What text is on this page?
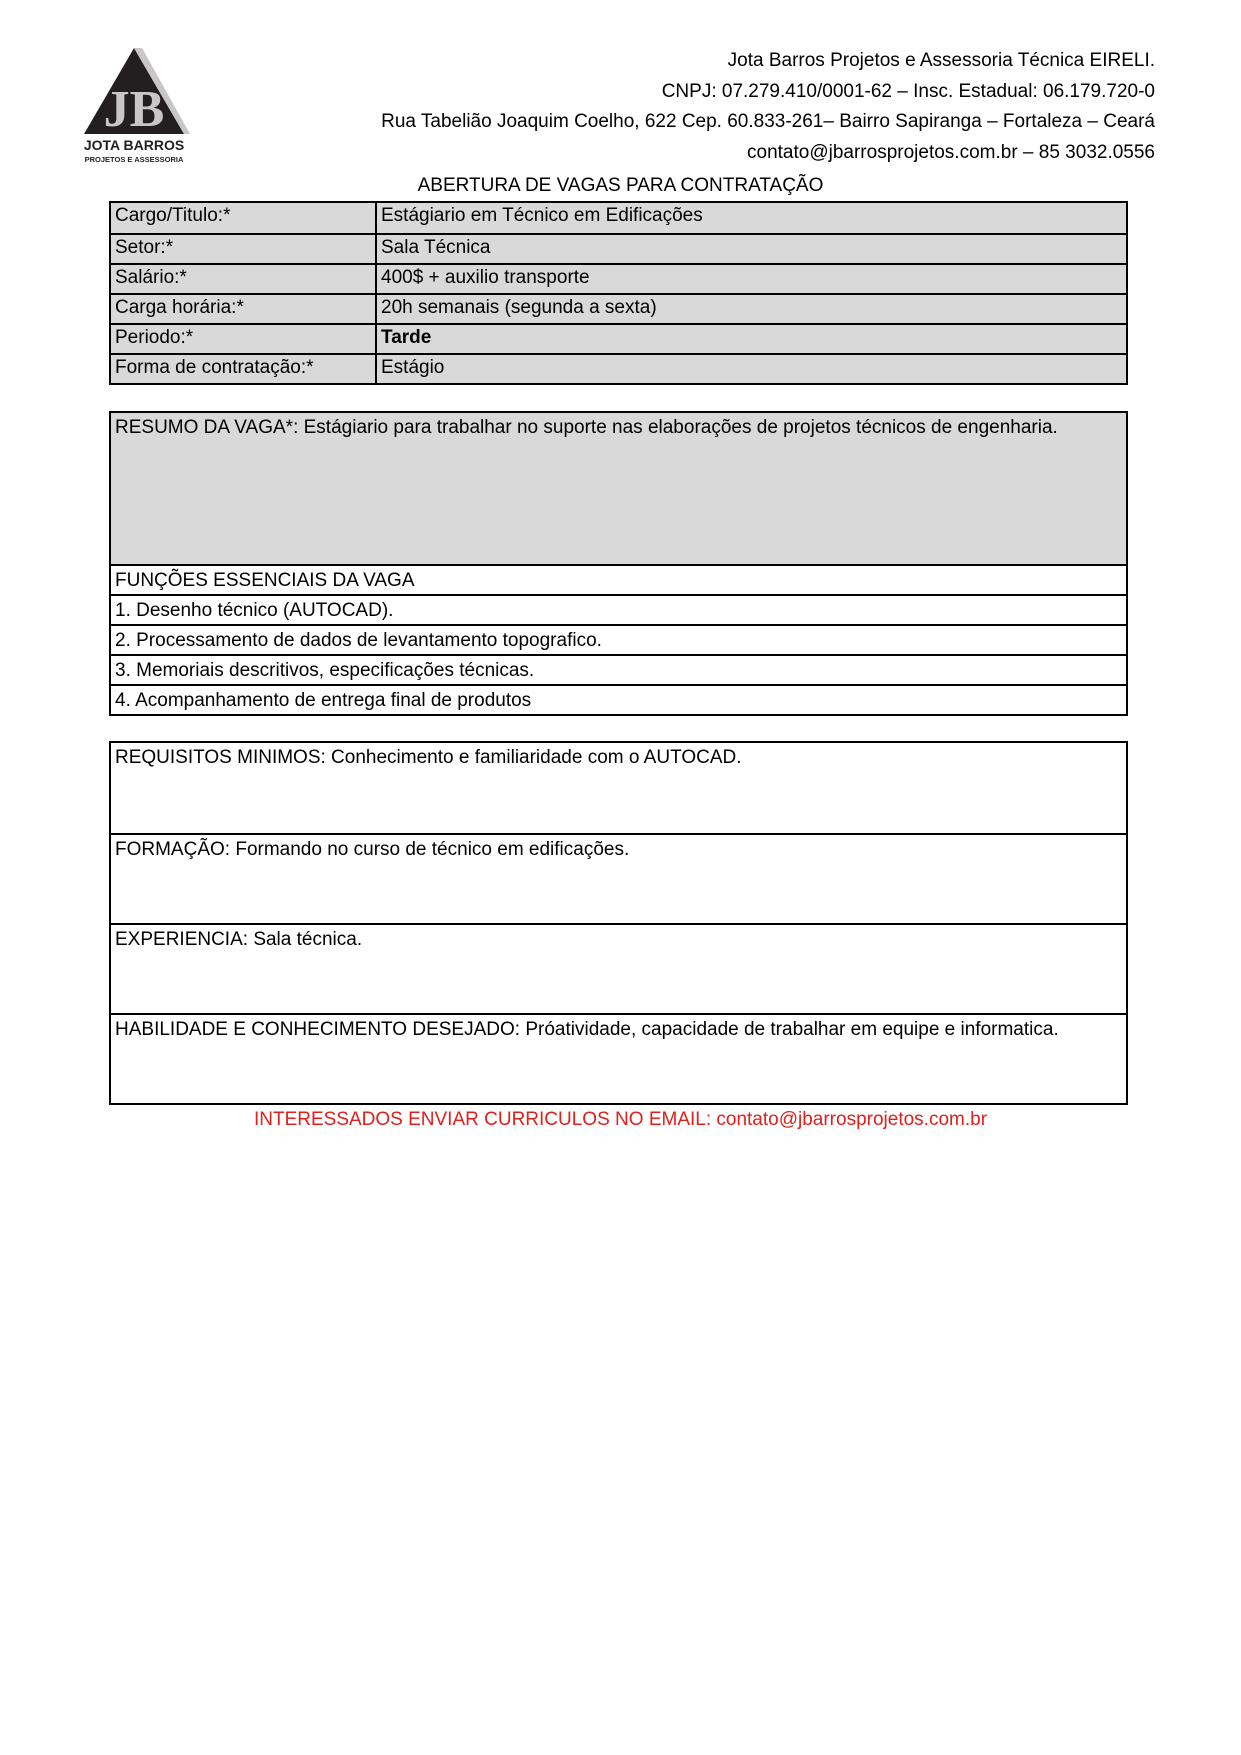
JB
JOTA BARROS
PROJETOS E ASSESSORIA
Jota Barros Projetos e Assessoria Técnica EIRELI.
CNPJ: 07.279.410/0001-62 – Insc. Estadual: 06.179.720-0
Rua Tabelião Joaquim Coelho, 622 Cep. 60.833-261– Bairro Sapiranga – Fortaleza – Ceará
contato@jbarrosprojetos.com.br – 85 3032.0556
ABERTURA DE VAGAS PARA CONTRATAÇÃO
Cargo/Titulo:*	Estágiario em Técnico em Edificações
Setor:*	Sala Técnica
Salário:*	400$ + auxilio transporte
Carga horária:*	20h semanais (segunda a sexta)
Periodo:*	Tarde
Forma de contratação:*	Estágio
RESUMO DA VAGA*: Estágiario para trabalhar no suporte nas elaborações de projetos técnicos de engenharia.
FUNÇÕES ESSENCIAIS DA VAGA
1. Desenho técnico (AUTOCAD).
2. Processamento de dados de levantamento topografico.
3. Memoriais descritivos, especificações técnicas.
4. Acompanhamento de entrega final de produtos
REQUISITOS MINIMOS: Conhecimento e familiaridade com o AUTOCAD.
FORMAÇÃO: Formando no curso de técnico em edificações.
EXPERIENCIA: Sala técnica.
HABILIDADE E CONHECIMENTO DESEJADO: Próatividade, capacidade de trabalhar em equipe e informatica.
INTERESSADOS ENVIAR CURRICULOS NO EMAIL: contato@jbarrosprojetos.com.br
